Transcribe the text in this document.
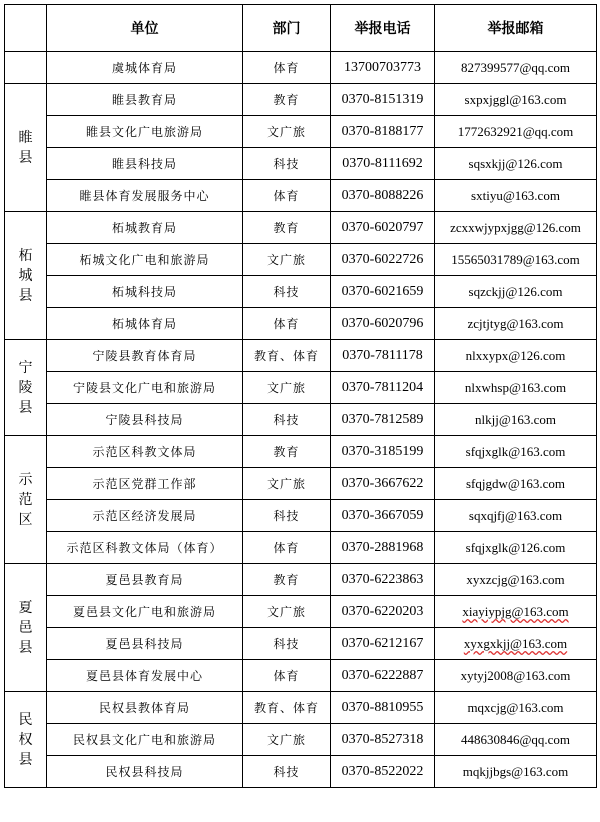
	单位	部门	举报电话	举报邮箱
	虞城体育局	体育	13700703773	827399577@qq.com
睢县	睢县教育局	教育	0370-8151319	sxpxjggl@163.com
	睢县文化广电旅游局	文广旅	0370-8188177	1772632921@qq.com
	睢县科技局	科技	0370-8111692	sqsxkjj@126.com
	睢县体育发展服务中心	体育	0370-8088226	sxtiyu@163.com
柘城县	柘城教育局	教育	0370-6020797	zcxxwjypxjgg@126.com
	柘城文化广电和旅游局	文广旅	0370-6022726	15565031789@163.com
	柘城科技局	科技	0370-6021659	sqzckjj@126.com
	柘城体育局	体育	0370-6020796	zcjtjtyg@163.com
宁陵县	宁陵县教育体育局	教育、体育	0370-7811178	nlxxypx@126.com
	宁陵县文化广电和旅游局	文广旅	0370-7811204	nlxwhsp@163.com
	宁陵县科技局	科技	0370-7812589	nlkjj@163.com
示范区	示范区科教文体局	教育	0370-3185199	sfqjxglk@163.com
	示范区党群工作部	文广旅	0370-3667622	sfqjgdw@163.com
	示范区经济发展局	科技	0370-3667059	sqxqjfj@163.com
	示范区科教文体局（体育）	体育	0370-2881968	sfqjxglk@126.com
夏邑县	夏邑县教育局	教育	0370-6223863	xyxzcjg@163.com
	夏邑县文化广电和旅游局	文广旅	0370-6220203	xiayiypjg@163.com
	夏邑县科技局	科技	0370-6212167	xyxgxkjj@163.com
	夏邑县体育发展中心	体育	0370-6222887	xytyj2008@163.com
民权县	民权县教体育局	教育、体育	0370-8810955	mqxcjg@163.com
	民权县文化广电和旅游局	文广旅	0370-8527318	448630846@qq.com
	民权县科技局	科技	0370-8522022	mqkjjbgs@163.com
